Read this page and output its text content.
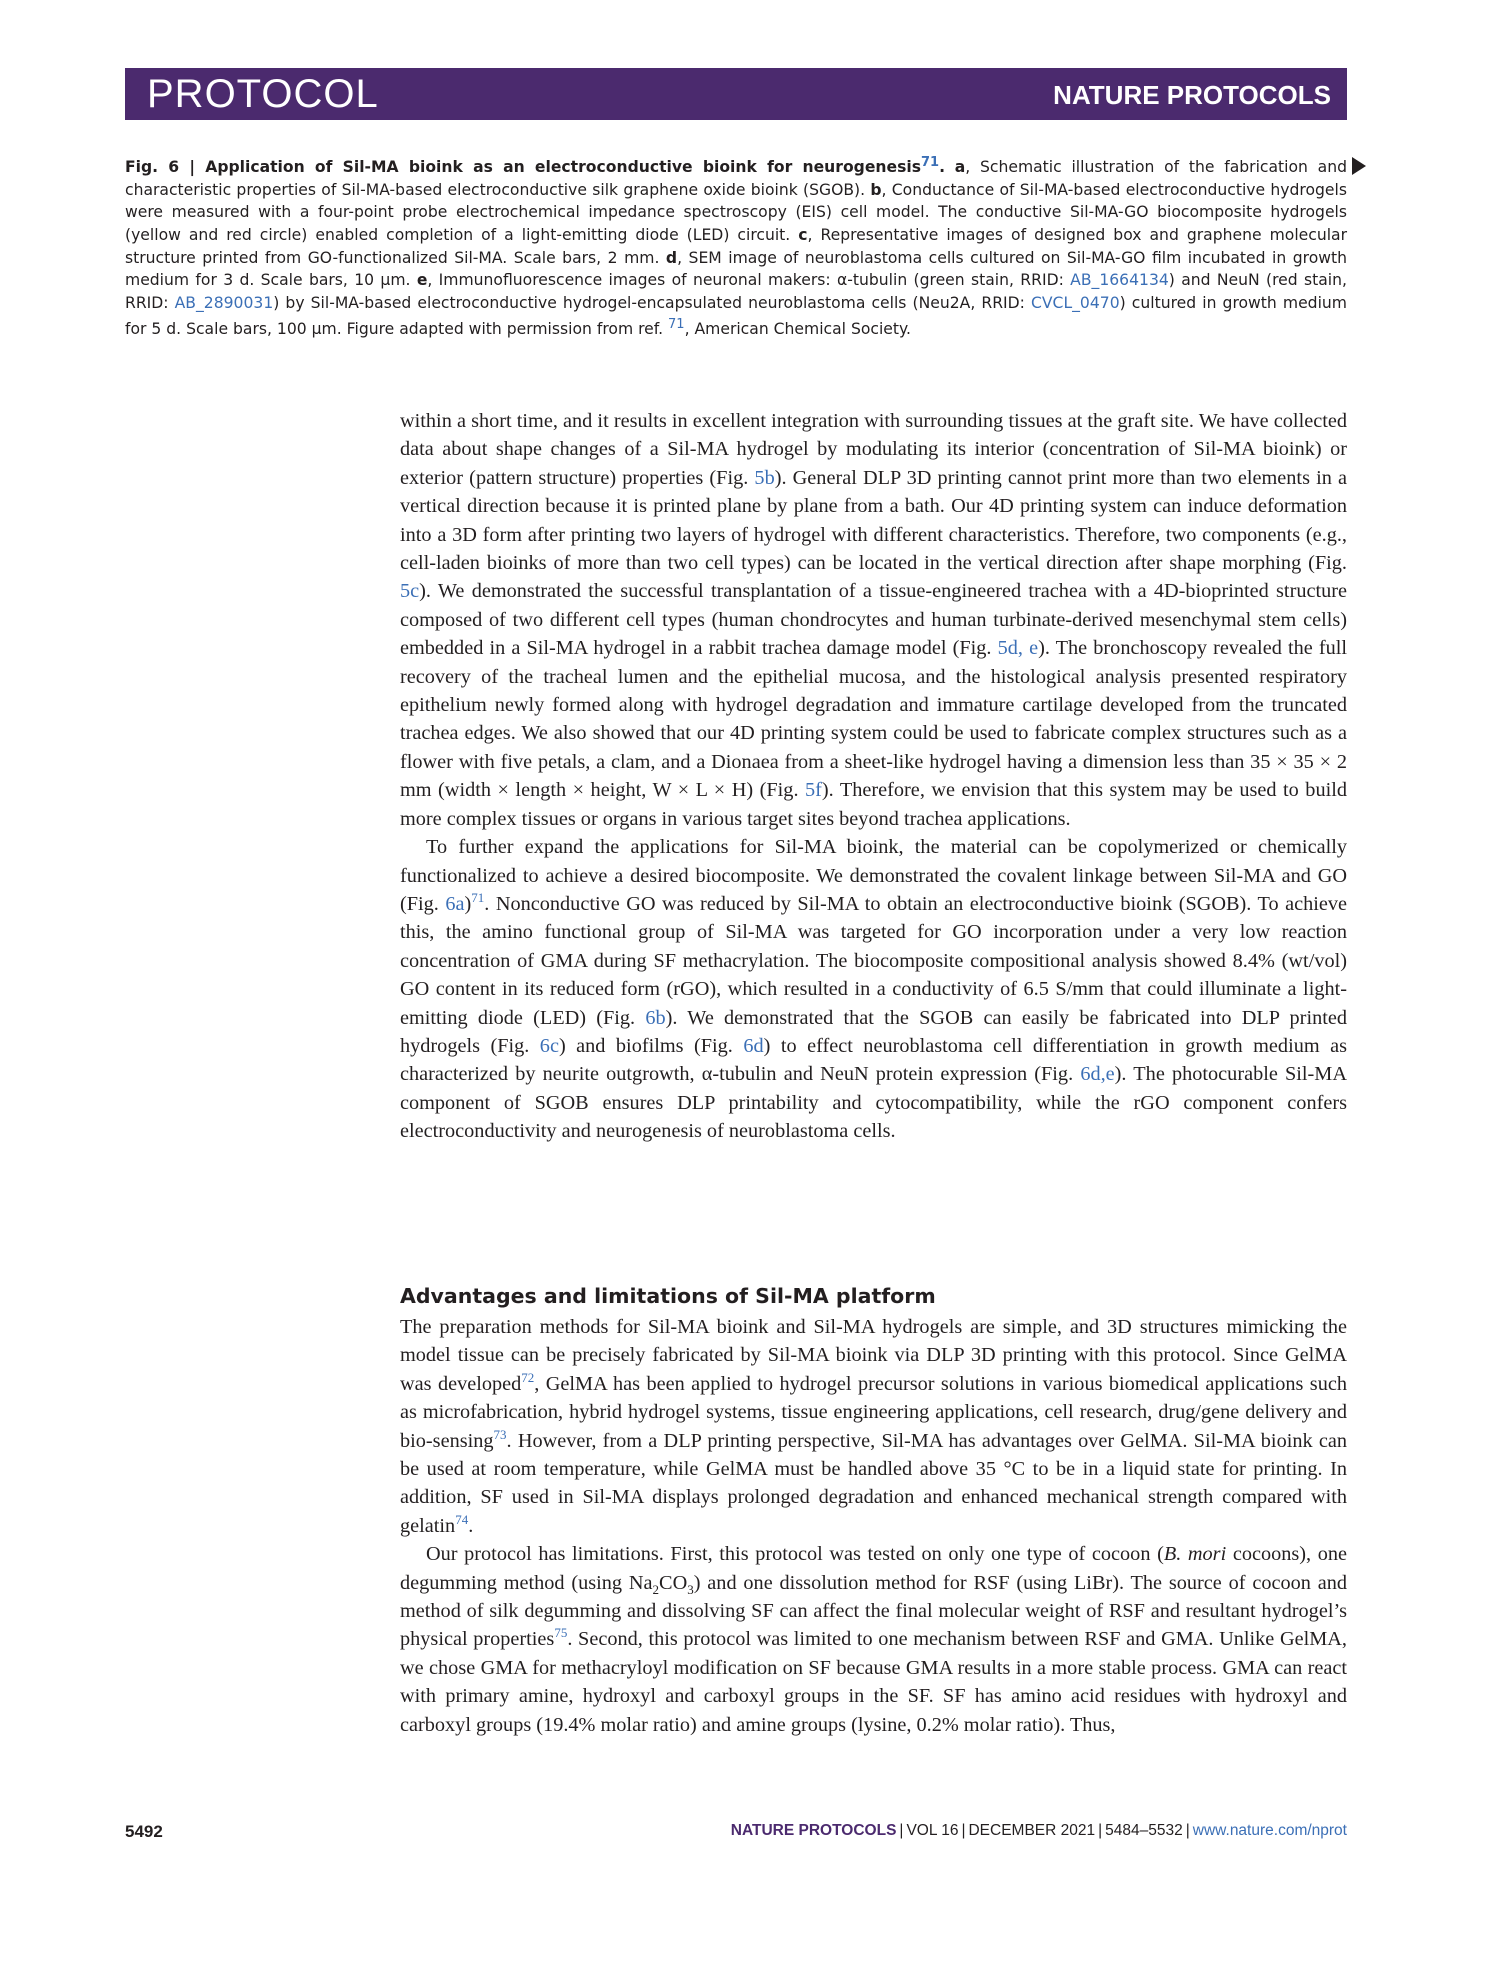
PROTOCOL	NATURE PROTOCOLS
Fig. 6 | Application of Sil-MA bioink as an electroconductive bioink for neurogenesis$^{71}$. a, Schematic illustration of the fabrication and characteristic properties of Sil-MA-based electroconductive silk graphene oxide bioink (SGOB). b, Conductance of Sil-MA-based electroconductive hydrogels were measured with a four-point probe electrochemical impedance spectroscopy (EIS) cell model. The conductive Sil-MA-GO biocomposite hydrogels (yellow and red circle) enabled completion of a light-emitting diode (LED) circuit. c, Representative images of designed box and graphene molecular structure printed from GO-functionalized Sil-MA. Scale bars, 2 mm. d, SEM image of neuroblastoma cells cultured on Sil-MA-GO film incubated in growth medium for 3 d. Scale bars, 10 μm. e, Immunofluorescence images of neuronal makers: α-tubulin (green stain, RRID: AB_1664134) and NeuN (red stain, RRID: AB_2890031) by Sil-MA-based electroconductive hydrogel-encapsulated neuroblastoma cells (Neu2A, RRID: CVCL_0470) cultured in growth medium for 5 d. Scale bars, 100 μm. Figure adapted with permission from ref. $^{71}$, American Chemical Society.

within a short time, and it results in excellent integration with surrounding tissues at the graft site. We have collected data about shape changes of a Sil-MA hydrogel by modulating its interior (concentration of Sil-MA bioink) or exterior (pattern structure) properties (Fig. 5b). General DLP 3D printing cannot print more than two elements in a vertical direction because it is printed plane by plane from a bath. Our 4D printing system can induce deformation into a 3D form after printing two layers of hydrogel with different characteristics. Therefore, two components (e.g., cell-laden bioinks of more than two cell types) can be located in the vertical direction after shape morphing (Fig. 5c). We demonstrated the successful transplantation of a tissue-engineered trachea with a 4D-bioprinted structure composed of two different cell types (human chondrocytes and human turbinate-derived mesenchymal stem cells) embedded in a Sil-MA hydrogel in a rabbit trachea damage model (Fig. 5d, e). The bronchoscopy revealed the full recovery of the tracheal lumen and the epithelial mucosa, and the histological analysis presented respiratory epithelium newly formed along with hydrogel degradation and immature cartilage developed from the truncated trachea edges. We also showed that our 4D printing system could be used to fabricate complex structures such as a flower with five petals, a clam, and a Dionaea from a sheet-like hydrogel having a dimension less than 35 × 35 × 2 mm (width × length × height, W × L × H) (Fig. 5f). Therefore, we envision that this system may be used to build more complex tissues or organs in various target sites beyond trachea applications.

To further expand the applications for Sil-MA bioink, the material can be copolymerized or chemically functionalized to achieve a desired biocomposite. We demonstrated the covalent linkage between Sil-MA and GO (Fig. 6a)$^{71}$. Nonconductive GO was reduced by Sil-MA to obtain an electroconductive bioink (SGOB). To achieve this, the amino functional group of Sil-MA was targeted for GO incorporation under a very low reaction concentration of GMA during SF methacrylation. The biocomposite compositional analysis showed 8.4% (wt/vol) GO content in its reduced form (rGO), which resulted in a conductivity of 6.5 S/mm that could illuminate a light-emitting diode (LED) (Fig. 6b). We demonstrated that the SGOB can easily be fabricated into DLP printed hydrogels (Fig. 6c) and biofilms (Fig. 6d) to effect neuroblastoma cell differentiation in growth medium as characterized by neurite outgrowth, α-tubulin and NeuN protein expression (Fig. 6d,e). The photocurable Sil-MA component of SGOB ensures DLP printability and cytocompatibility, while the rGO component confers electroconductivity and neurogenesis of neuroblastoma cells.

Advantages and limitations of Sil-MA platform

The preparation methods for Sil-MA bioink and Sil-MA hydrogels are simple, and 3D structures mimicking the model tissue can be precisely fabricated by Sil-MA bioink via DLP 3D printing with this protocol. Since GelMA was developed$^{72}$, GelMA has been applied to hydrogel precursor solutions in various biomedical applications such as microfabrication, hybrid hydrogel systems, tissue engineering applications, cell research, drug/gene delivery and bio-sensing$^{73}$. However, from a DLP printing perspective, Sil-MA has advantages over GelMA. Sil-MA bioink can be used at room temperature, while GelMA must be handled above 35 °C to be in a liquid state for printing. In addition, SF used in Sil-MA displays prolonged degradation and enhanced mechanical strength compared with gelatin$^{74}$.

Our protocol has limitations. First, this protocol was tested on only one type of cocoon (B. mori cocoons), one degumming method (using $Na_2CO_3$) and one dissolution method for RSF (using LiBr). The source of cocoon and method of silk degumming and dissolving SF can affect the final molecular weight of RSF and resultant hydrogel’s physical properties$^{75}$. Second, this protocol was limited to one mechanism between RSF and GMA. Unlike GelMA, we chose GMA for methacryloyl modification on SF because GMA results in a more stable process. GMA can react with primary amine, hydroxyl and carboxyl groups in the SF. SF has amino acid residues with hydroxyl and carboxyl groups (19.4% molar ratio) and amine groups (lysine, 0.2% molar ratio). Thus,

5492	NATURE PROTOCOLS | VOL 16 | DECEMBER 2021 | 5484–5532 | www.nature.com/nprot
